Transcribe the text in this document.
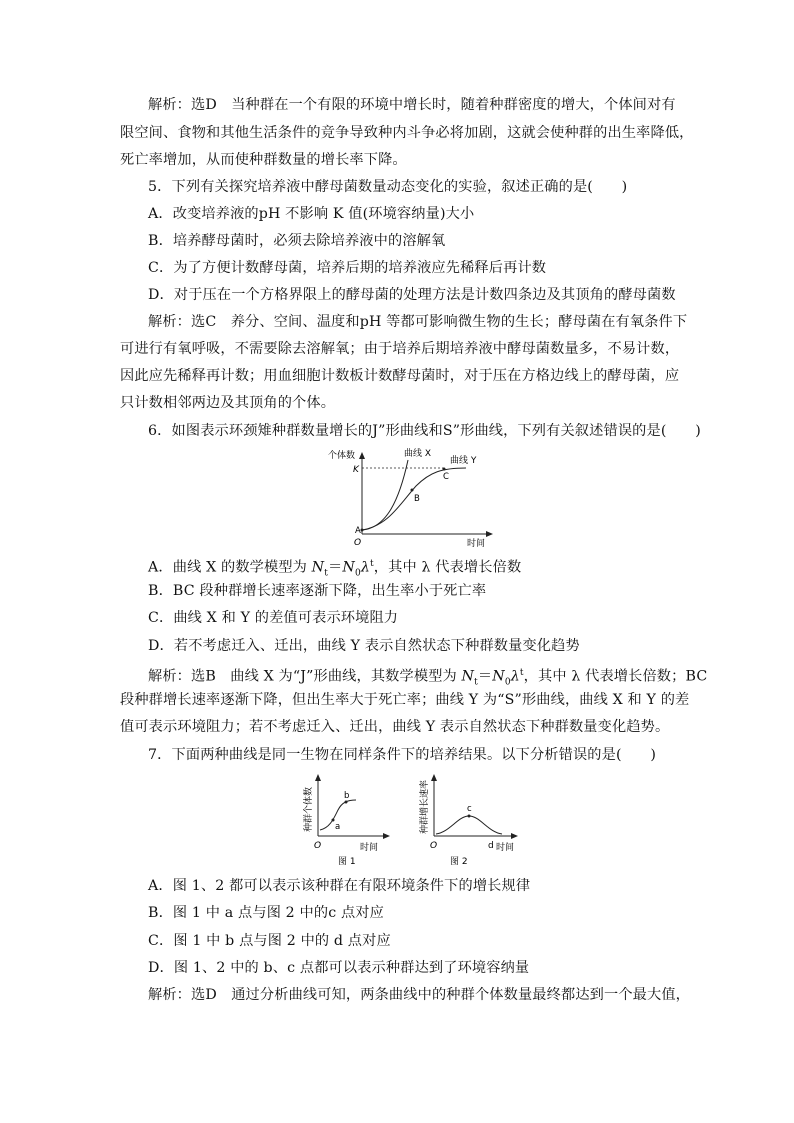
解析：选D　当种群在一个有限的环境中增长时，随着种群密度的增大，个体间对有
限空间、食物和其他生活条件的竞争导致种内斗争必将加剧，这就会使种群的出生率降低，
死亡率增加，从而使种群数量的增长率下降。
5．下列有关探究培养液中酵母菌数量动态变化的实验，叙述正确的是(　　)
A．改变培养液的pH 不影响 K 值(环境容纳量)大小
B．培养酵母菌时，必须去除培养液中的溶解氧
C．为了方便计数酵母菌，培养后期的培养液应先稀释后再计数
D．对于压在一个方格界限上的酵母菌的处理方法是计数四条边及其顶角的酵母菌数
解析：选C　养分、空间、温度和pH 等都可影响微生物的生长；酵母菌在有氧条件下
可进行有氧呼吸，不需要除去溶解氧；由于培养后期培养液中酵母菌数量多，不易计数，
因此应先稀释再计数；用血细胞计数板计数酵母菌时，对于压在方格边线上的酵母菌，应
只计数相邻两边及其顶角的个体。
6．如图表示环颈雉种群数量增长的J”形曲线和S”形曲线，下列有关叙述错误的是(　　)
个体数
K
O	时间
曲线 X
曲线 Y
A
B
C
A．曲线 X 的数学模型为 $N_t=N_0\lambda^t$，其中 λ 代表增长倍数
B．BC 段种群增长速率逐渐下降，出生率小于死亡率
C．曲线 X 和 Y 的差值可表示环境阻力
D．若不考虑迁入、迁出，曲线 Y 表示自然状态下种群数量变化趋势
解析：选B　曲线 X 为“J”形曲线，其数学模型为 $N_t=N_0\lambda^t$，其中 λ 代表增长倍数；BC
段种群增长速率逐渐下降，但出生率大于死亡率；曲线 Y 为“S”形曲线，曲线 X 和 Y 的差
值可表示环境阻力；若不考虑迁入、迁出，曲线 Y 表示自然状态下种群数量变化趋势。
7．下面两种曲线是同一生物在同样条件下的培养结果。以下分析错误的是(　　)
a
b
O	时间
种群个体数
图 1
c
O	d 时间
种群增长速率
图 2
A．图 1、2 都可以表示该种群在有限环境条件下的增长规律
B．图 1 中 a 点与图 2 中的c 点对应
C．图 1 中 b 点与图 2 中的 d 点对应
D．图 1、2 中的 b、c 点都可以表示种群达到了环境容纳量
解析：选D　通过分析曲线可知，两条曲线中的种群个体数量最终都达到一个最大值，
